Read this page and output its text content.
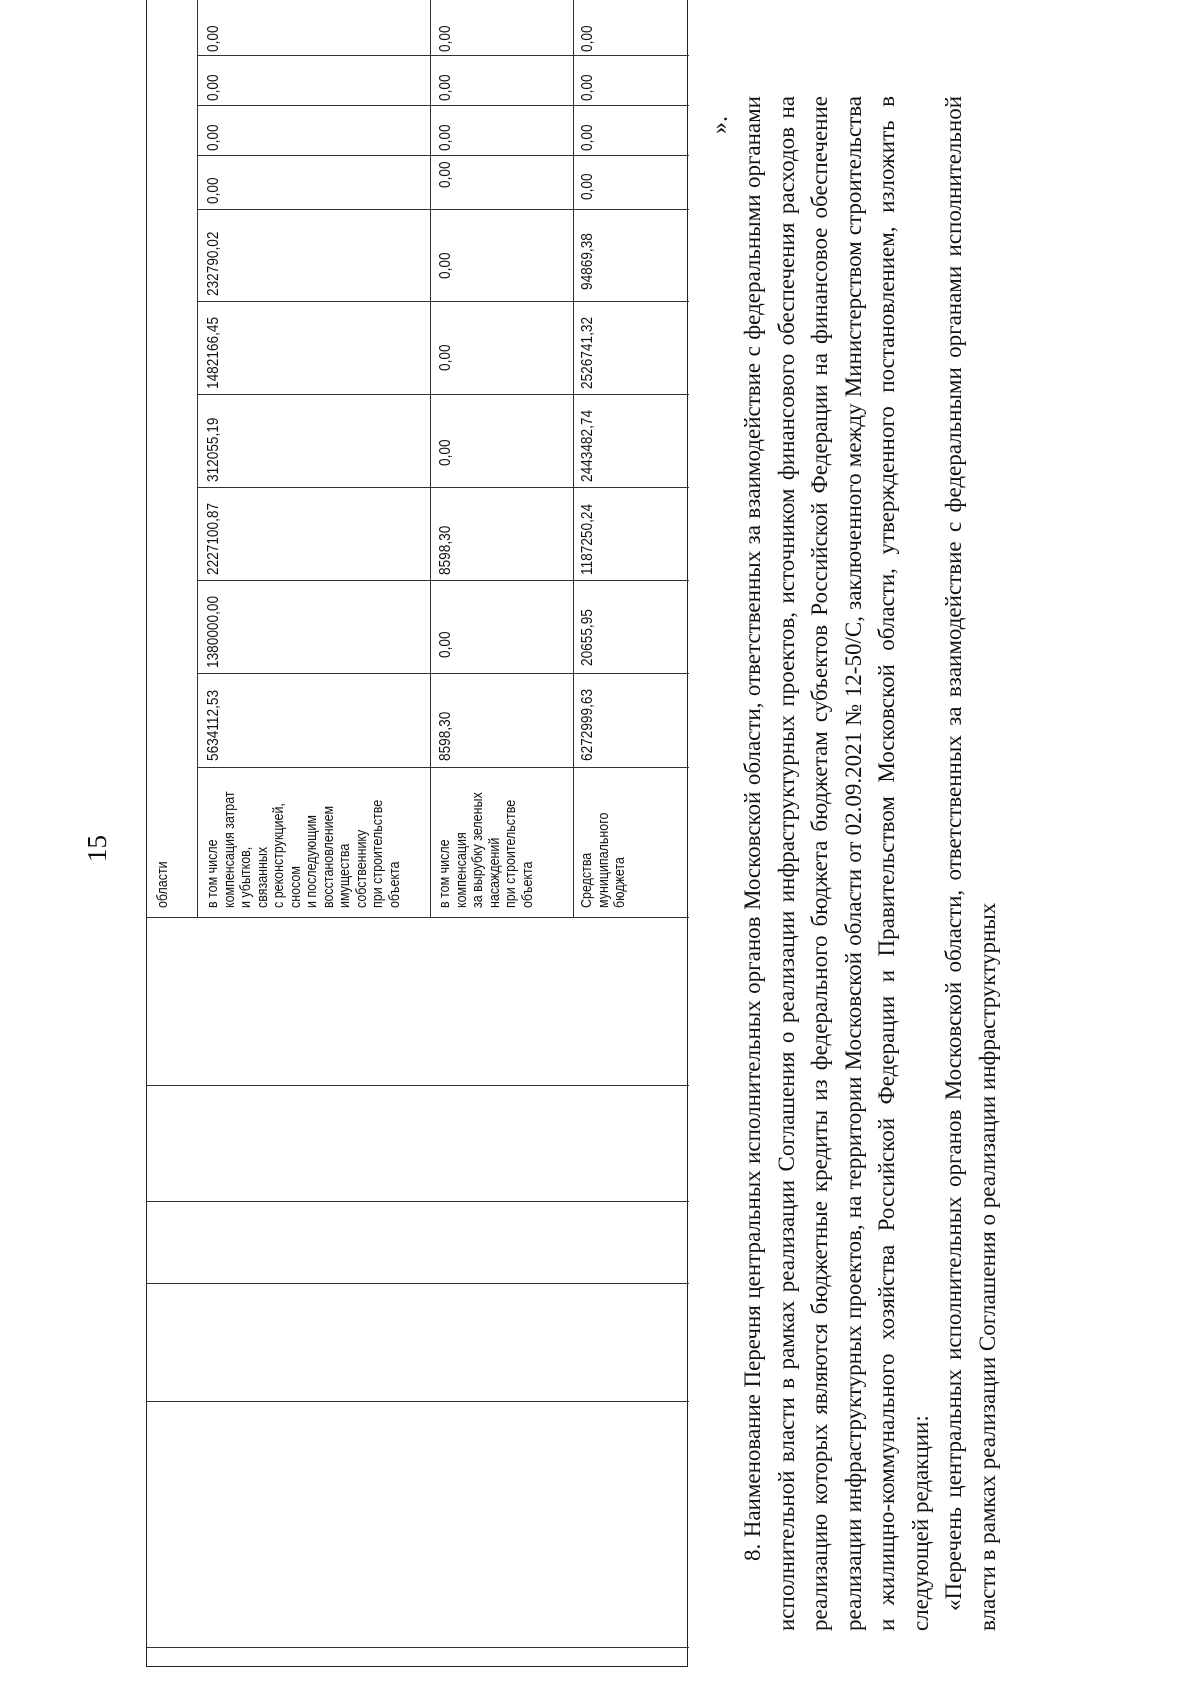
15
области в том числе компенсация затрат и убытков, связанных с реконструкцией, сносом и последующим восстановлением имущества собственнику при строительстве объекта в том числе компенсация за вырубку зеленых насаждений при строительстве объекта	Средства муниципального бюджета
5634112,53
1380000,00
2227100,87
312055,19
1482166,45
232790,02
0,00
0,00
0,00
0,00
8598,30
0,00
8598,30
0,00
0,00
0,00
0,00
0,00
0,00
0,00
6272999,63
20655,95
1187250,24
2443482,74
2526741,32
94869,38
0,00
0,00
0,00
0,00
». 8. Наименование Перечня центральных исполнительных органов Московской области, ответственных за взаимодействие с федеральными органами исполнительной власти в рамках реализации Соглашения о реализации инфраструктурных проектов, источником финансового обеспечения расходов на реализацию которых являются бюджетные кредиты из федерального бюджета бюджетам субъектов Российской Федерации на финансовое обеспечение реализации инфраструктурных проектов, на территории Московской области от 02.09.2021 № 12-50/С, заключенного между Министерством строительства и жилищно-коммунального хозяйства Российской Федерации и Правительством Московской области, утвержденного постановлением, изложить в следующей редакции: «Перечень центральных исполнительных органов Московской области, ответственных за взаимодействие с федеральными органами исполнительной власти в рамках реализации Соглашения о реализации инфраструктурных
